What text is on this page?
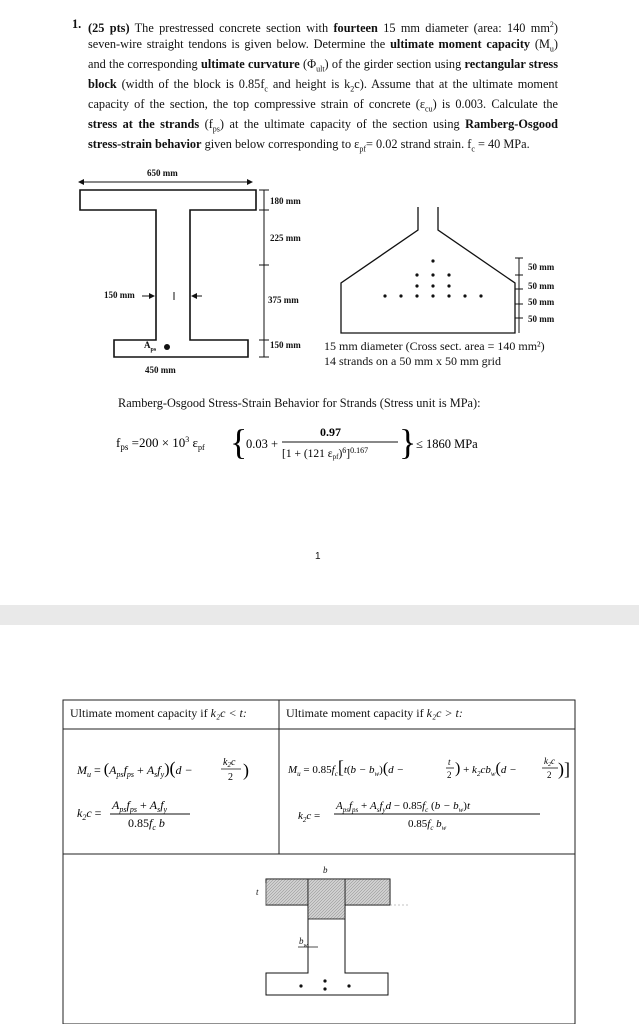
1. (25 pts) The prestressed concrete section with fourteen 15 mm diameter (area: 140 $mm^2$) seven-wire straight tendons is given below. Determine the ultimate moment capacity $(M_u)$ and the corresponding ultimate curvature $(\Phi_{ult})$ of the girder section using rectangular stress block (width of the block is $0.85f_c$ and height is $k_2c$). Assume that at the ultimate moment capacity of the section, the top compressive strain of concrete $(\varepsilon_{cu})$ is 0.003. Calculate the stress at the strands $(f_{ps})$ at the ultimate capacity of the section using Ramberg-Osgood stress-strain behavior given below corresponding to $\varepsilon_{pf}= 0.02$ strand strain. $f_c = 40$ MPa.
650 mm
180 mm
225 mm
375 mm
150 mm
150 mm
450 mm
$A_{ps}$
50 mm
50 mm
50 mm
50 mm
15 mm diameter (Cross sect. area = 140 mm²)
14 strands on a 50 mm x 50 mm grid
Ramberg-Osgood Stress-Strain Behavior for Strands (Stress unit is MPa):
$f_{ps} =200 \times 10^3$ $\varepsilon_{pf}$ {
0.03 +
0.97
[1 + (121 εpf)$^6$]$^{0.167}$ } ≤ 1860 MPa
1
$M_u = (A_{ps}f_{ps} + A_sf_y)(d$ −
$k_2c$
2 )
$k_2c$ =
$A_{ps}f_{ps} + A_sf_y$
$0.85f_c$ b
$M_u = 0.85f_c[t(b - b_w)(d$ −
t
2 ) + $k_2cb_w(d$ −
$k_2c$
2 )]
$k_2c$ =
$A_{ps}f_{ps} + A_sf_yd - 0.85f_c$ $(b - b_w)t$
$0.85f_c$ $b_w$
Ultimate moment capacity if k₂c < t:	Ultimate moment capacity if k₂c > t:
b
t
$b_w$
